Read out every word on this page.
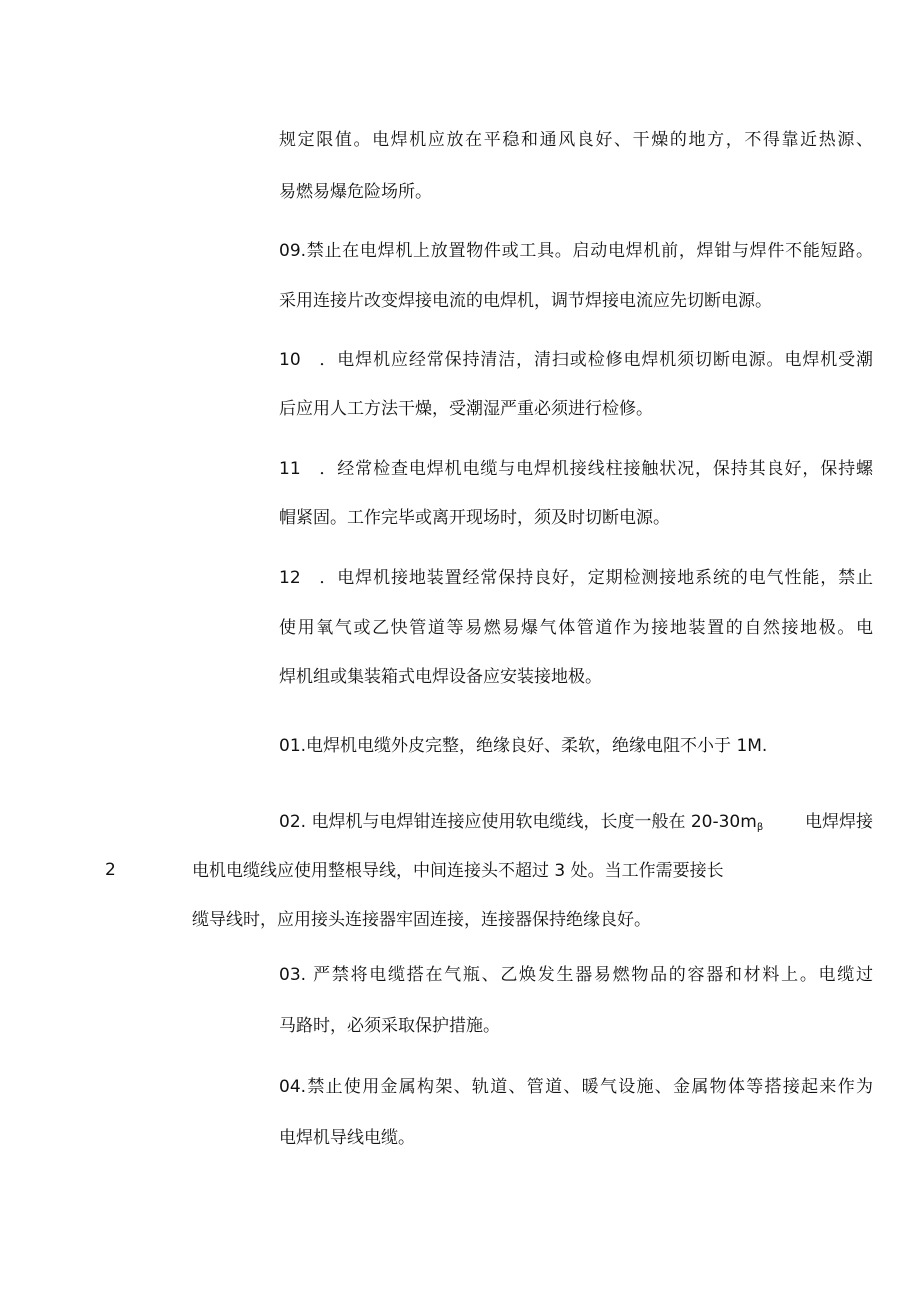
规定限值。电焊机应放在平稳和通风良好、干燥的地方，不得靠近热源、
易燃易爆危险场所。
09.禁止在电焊机上放置物件或工具。启动电焊机前，焊钳与焊件不能短路。
采用连接片改变焊接电流的电焊机，调节焊接电流应先切断电源。
10　．电焊机应经常保持清洁，清扫或检修电焊机须切断电源。电焊机受潮
后应用人工方法干燥，受潮湿严重必须进行检修。
11　．经常检查电焊机电缆与电焊机接线柱接触状况，保持其良好，保持螺
帽紧固。工作完毕或离开现场时，须及时切断电源。
12　．电焊机接地装置经常保持良好，定期检测接地系统的电气性能，禁止
使用氧气或乙快管道等易燃易爆气体管道作为接地装置的自然接地极。电
焊机组或集装箱式电焊设备应安装接地极。
01.电焊机电缆外皮完整，绝缘良好、柔软，绝缘电阻不小于 1M.
02. 电焊机与电焊钳连接应使用软电缆线，长度一般在 $20-30m_\beta$ 电焊焊接
电机电缆线应使用整根导线，中间连接头不超过 3 处。当工作需要接长
2
缆导线时，应用接头连接器牢固连接，连接器保持绝缘良好。
03. 严禁将电缆搭在气瓶、乙焕发生器易燃物品的容器和材料上。电缆过
马路时，必须采取保护措施。
04.禁止使用金属构架、轨道、管道、暖气设施、金属物体等搭接起来作为
电焊机导线电缆。
